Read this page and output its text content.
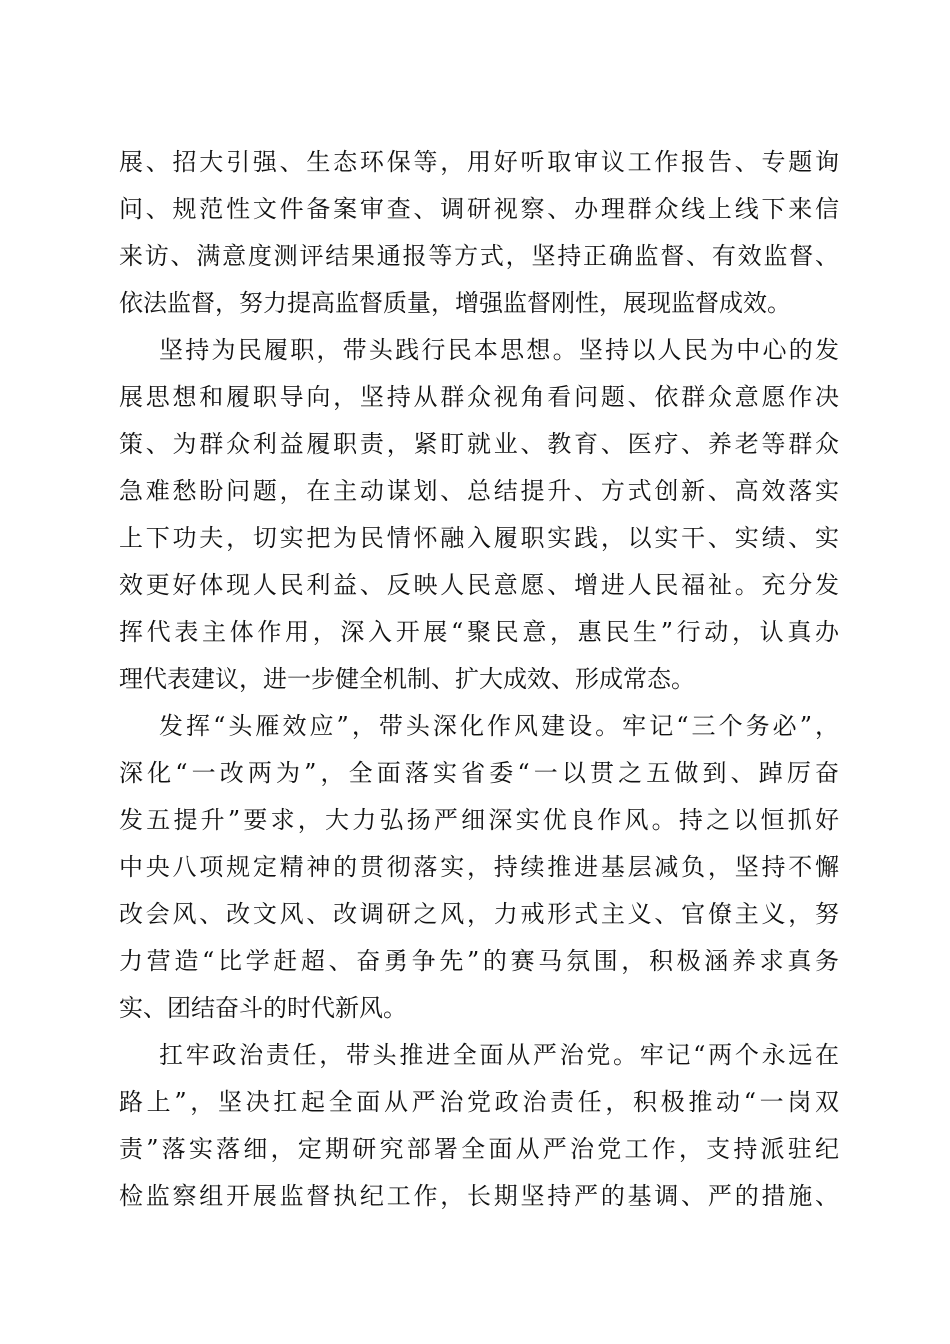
展、招大引强、生态环保等，用好听取审议工作报告、专题询
问、规范性文件备案审查、调研视察、办理群众线上线下来信
来访、满意度测评结果通报等方式，坚持正确监督、有效监督、
依法监督，努力提高监督质量，增强监督刚性，展现监督成效。
坚持为民履职，带头践行民本思想。坚持以人民为中心的发
展思想和履职导向，坚持从群众视角看问题、依群众意愿作决
策、为群众利益履职责，紧盯就业、教育、医疗、养老等群众
急难愁盼问题，在主动谋划、总结提升、方式创新、高效落实
上下功夫，切实把为民情怀融入履职实践，以实干、实绩、实
效更好体现人民利益、反映人民意愿、增进人民福祉。充分发
挥代表主体作用，深入开展“聚民意，惠民生”行动，认真办
理代表建议，进一步健全机制、扩大成效、形成常态。
发挥“头雁效应”，带头深化作风建设。牢记“三个务必”，
深化“一改两为”，全面落实省委“一以贯之五做到、踔厉奋
发五提升”要求，大力弘扬严细深实优良作风。持之以恒抓好
中央八项规定精神的贯彻落实，持续推进基层减负，坚持不懈
改会风、改文风、改调研之风，力戒形式主义、官僚主义，努
力营造“比学赶超、奋勇争先”的赛马氛围，积极涵养求真务
实、团结奋斗的时代新风。
扛牢政治责任，带头推进全面从严治党。牢记“两个永远在
路上”，坚决扛起全面从严治党政治责任，积极推动“一岗双
责”落实落细，定期研究部署全面从严治党工作，支持派驻纪
检监察组开展监督执纪工作，长期坚持严的基调、严的措施、
